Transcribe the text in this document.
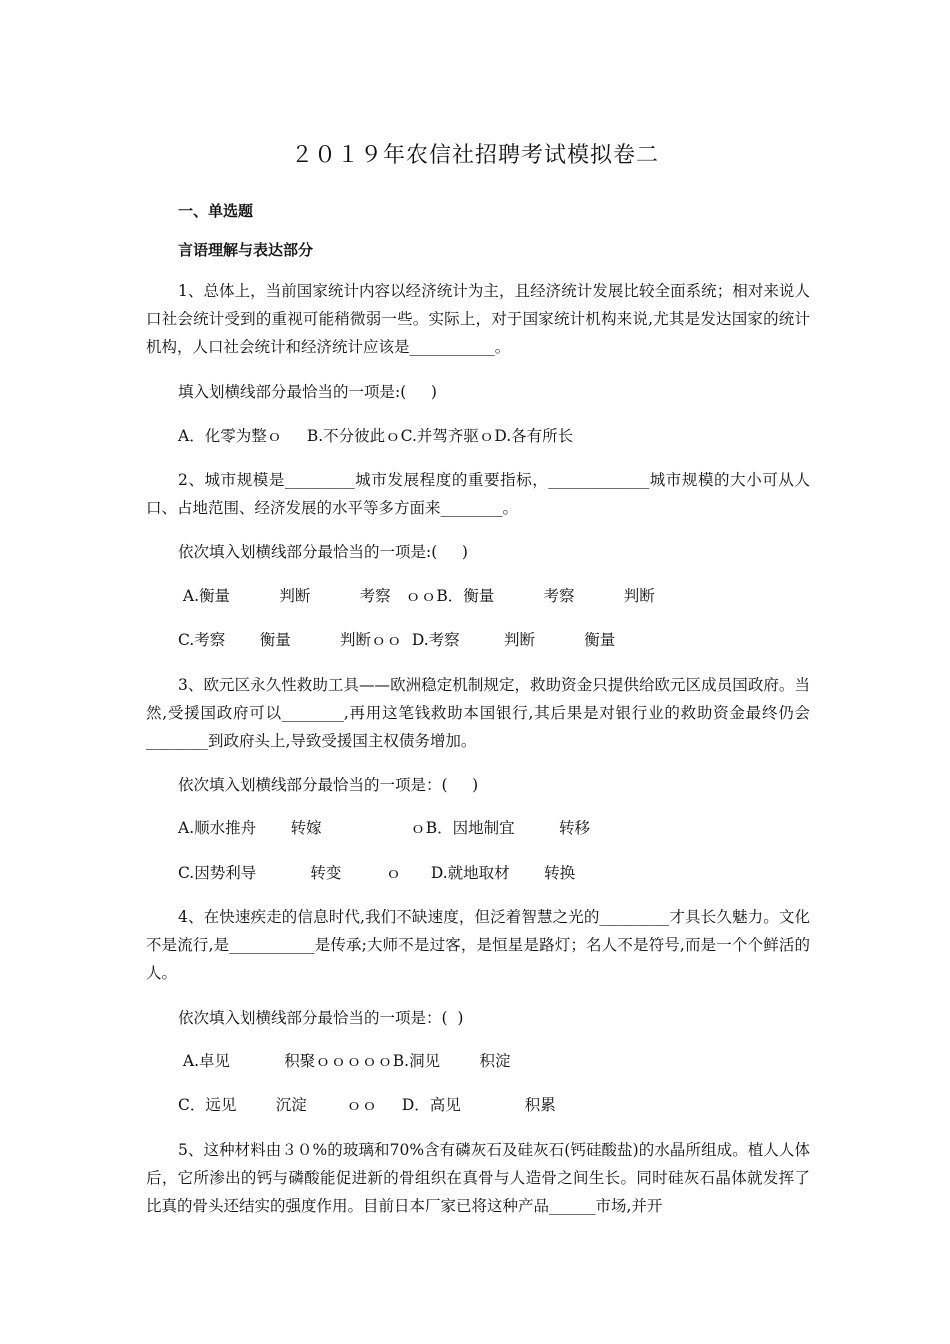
２０１９年农信社招聘考试模拟卷二

一、单选题

言语理解与表达部分

1、总体上，当前国家统计内容以经济统计为主，且经济统计发展比较全面系统；相对来说人口社会统计受到的重视可能稍微弱一些。实际上，对于国家统计机构来说,尤其是发达国家的统计机构，人口社会统计和经济统计应该是___________。

填入划横线部分最恰当的一项是:(     )

A．化零为整ｏ     B.不分彼此ｏC.并驾齐驱ｏD.各有所长

2、城市规模是_________城市发展程度的重要指标，_____________城市规模的大小可从人口、占地范围、经济发展的水平等多方面来________。

依次填入划横线部分最恰当的一项是:(     )

A.衡量          判断          考察   ｏｏB．衡量          考察          判断

C.考察       衡量          判断ｏｏ  D.考察         判断          衡量

3、欧元区永久性救助工具——欧洲稳定机制规定，救助资金只提供给欧元区成员国政府。当然,受援国政府可以________,再用这笔钱救助本国银行,其后果是对银行业的救助资金最终仍会________到政府头上,导致受援国主权债务增加。

依次填入划横线部分最恰当的一项是：(     )

A.顺水推舟       转嫁                  ｏB．因地制宜         转移

C.因势利导           转变         ｏ      D.就地取材       转换

4、在快速疾走的信息时代,我们不缺速度，但泛着智慧之光的_________才具长久魅力。文化不是流行,是___________是传承;大师不是过客，是恒星是路灯；名人不是符号,而是一个个鲜活的人。

依次填入划横线部分最恰当的一项是：(  )

A.卓见           积聚ｏｏｏｏｏB.洞见        积淀

C．远见        沉淀        ｏｏ     D．高见             积累

5、这种材料由３０%的玻璃和70%含有磷灰石及硅灰石(钙硅酸盐)的水晶所组成。植人人体后，它所渗出的钙与磷酸能促进新的骨组织在真骨与人造骨之间生长。同时硅灰石晶体就发挥了比真的骨头还结实的强度作用。目前日本厂家已将这种产品______市场,并开
